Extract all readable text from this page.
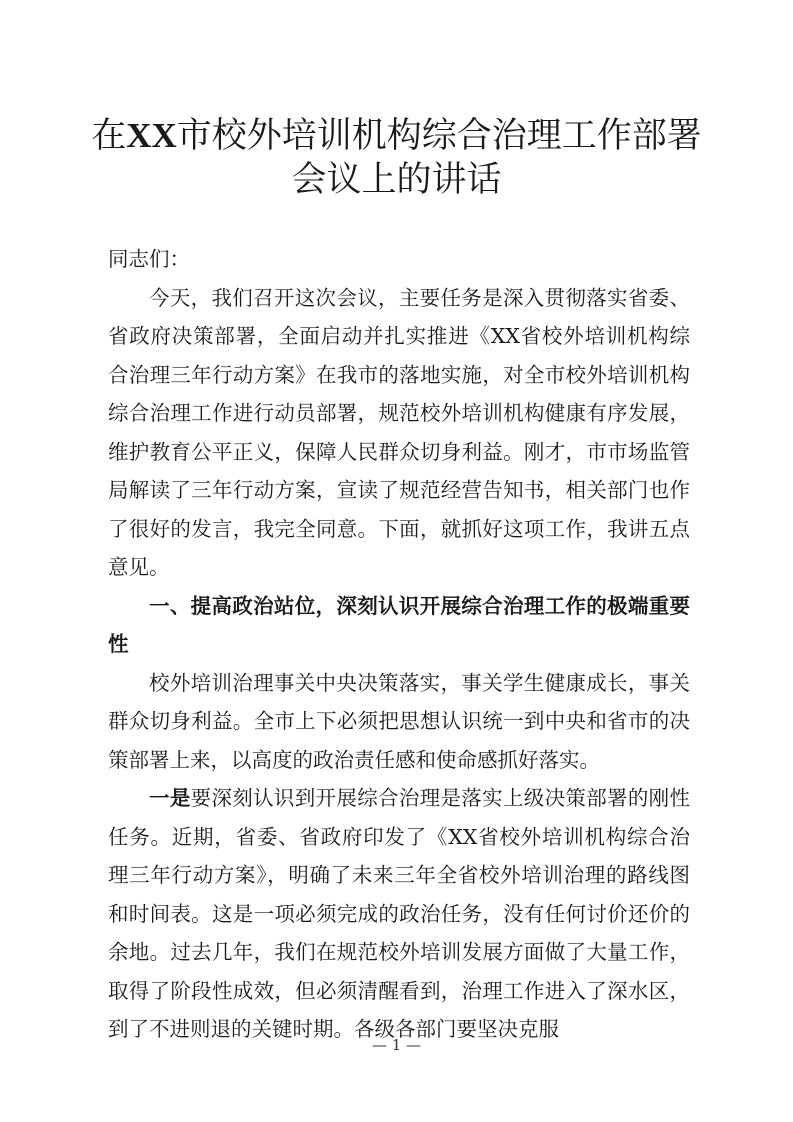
在XX市校外培训机构综合治理工作部署
会议上的讲话

同志们：

今天，我们召开这次会议，主要任务是深入贯彻落实省委、省政府决策部署，全面启动并扎实推进《XX省校外培训机构综合治理三年行动方案》在我市的落地实施，对全市校外培训机构综合治理工作进行动员部署，规范校外培训机构健康有序发展，维护教育公平正义，保障人民群众切身利益。刚才，市市场监管局解读了三年行动方案，宣读了规范经营告知书，相关部门也作了很好的发言，我完全同意。下面，就抓好这项工作，我讲五点意见。

一、提高政治站位，深刻认识开展综合治理工作的极端重要性

校外培训治理事关中央决策落实，事关学生健康成长，事关群众切身利益。全市上下必须把思想认识统一到中央和省市的决策部署上来，以高度的政治责任感和使命感抓好落实。

一是要深刻认识到开展综合治理是落实上级决策部署的刚性任务。近期，省委、省政府印发了《XX省校外培训机构综合治理三年行动方案》，明确了未来三年全省校外培训治理的路线图和时间表。这是一项必须完成的政治任务，没有任何讨价还价的余地。过去几年，我们在规范校外培训发展方面做了大量工作，取得了阶段性成效，但必须清醒看到，治理工作进入了深水区，到了不进则退的关键时期。各级各部门要坚决克服

— 1 —
